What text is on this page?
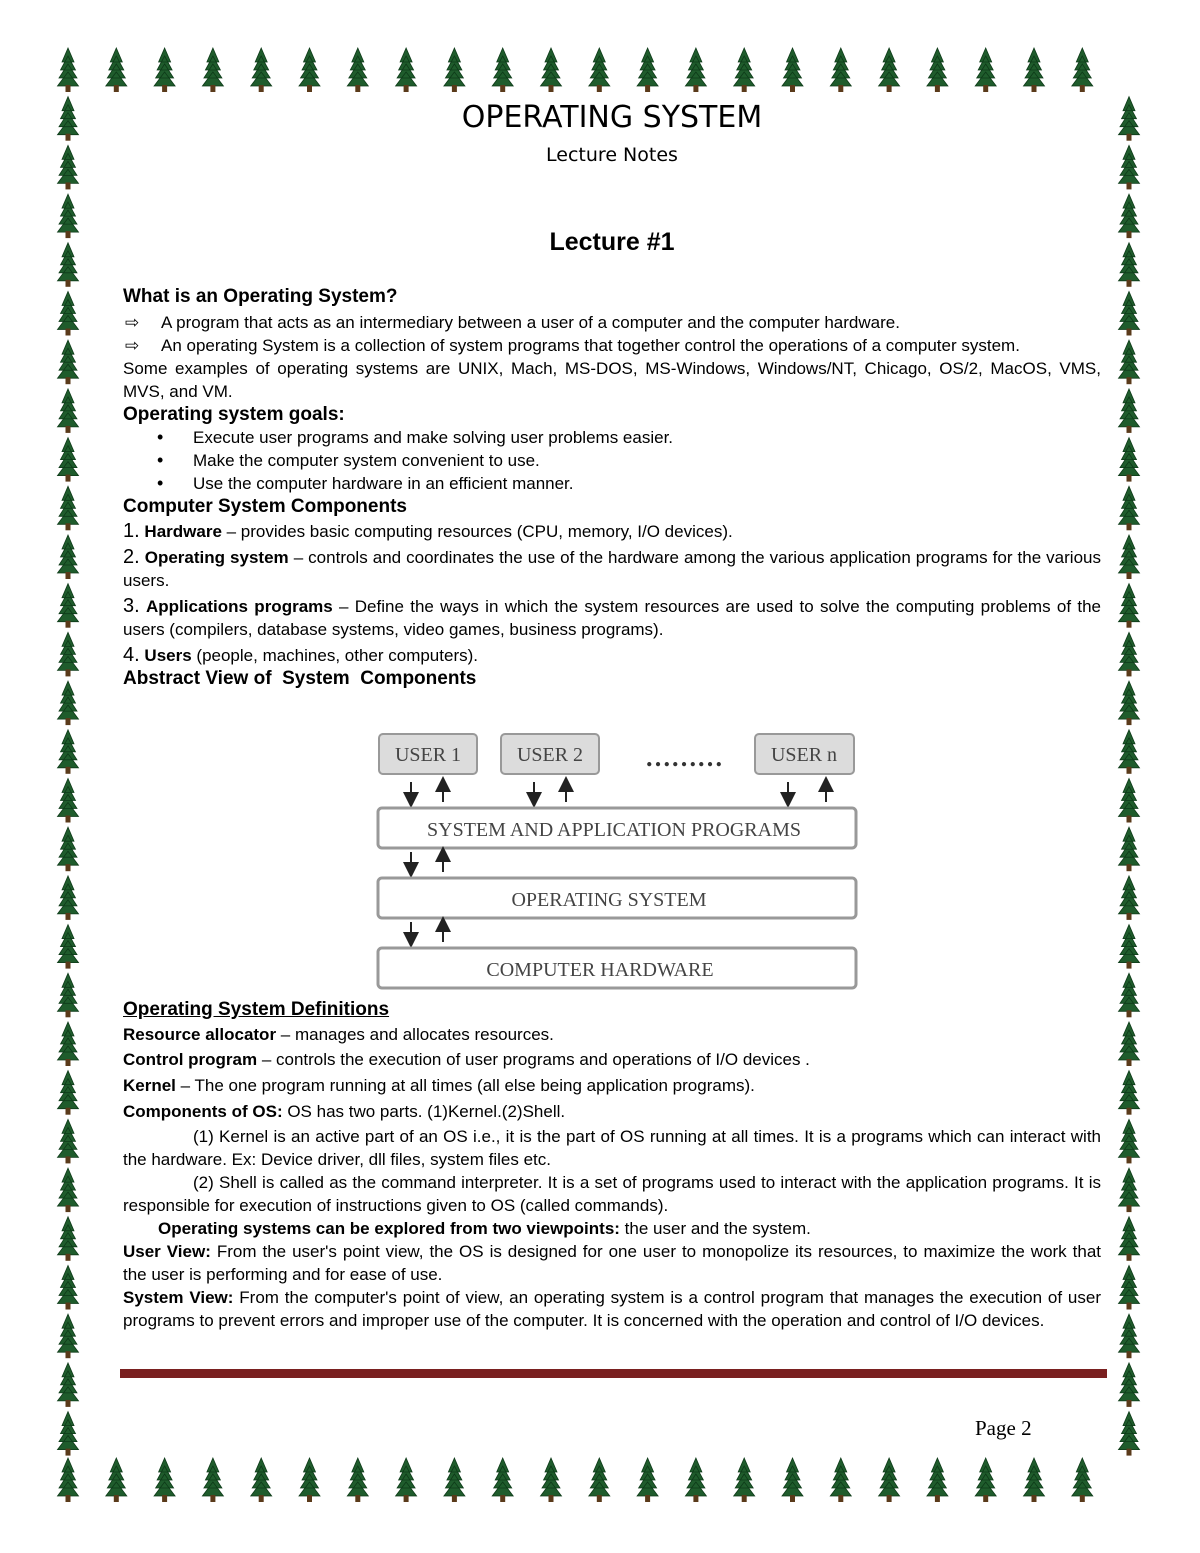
OPERATING SYSTEM
Lecture Notes
Lecture #1

What is an Operating System?

⇨	A program that acts as an intermediary between a user of a computer and the computer hardware.
⇨	An operating System is a collection of system programs that together control the operations of a computer system.

Some examples of operating systems are UNIX, Mach, MS-DOS, MS-Windows, Windows/NT, Chicago, OS/2, MacOS, VMS, MVS, and VM.

Operating system goals:

• Execute user programs and make solving user problems easier.
• Make the computer system convenient to use.
• Use the computer hardware in an efficient manner.

Computer System Components

1. Hardware – provides basic computing resources (CPU, memory, I/O devices).

2. Operating system – controls and coordinates the use of the hardware among the various application programs for the various users.

3. Applications programs – Define the ways in which the system resources are used to solve the computing problems of the users (compilers, database systems, video games, business programs).

4. Users (people, machines, other computers).

Abstract View of  System  Components

USER 1	USER 2 ……… USER n
SYSTEM AND APPLICATION PROGRAMS
OPERATING SYSTEM
COMPUTER HARDWARE

Operating System Definitions

Resource allocator – manages and allocates resources.

Control program – controls the execution of user programs and operations of I/O devices .

Kernel – The one program running at all times (all else being application programs).

Components of OS: OS has two parts. (1)Kernel.(2)Shell.

(1) Kernel is an active part of an OS i.e., it is the part of OS running at all times. It is a programs which can interact with the hardware. Ex: Device driver, dll files, system files etc.

(2) Shell is called as the command interpreter. It is a set of programs used to interact with the application programs. It is responsible for execution of instructions given to OS (called commands).

Operating systems can be explored from two viewpoints: the user and the system.

User View: From the user's point view, the OS is designed for one user to monopolize its resources, to maximize the work that the user is performing and for ease of use.

System View: From the computer's point of view, an operating system is a control program that manages the execution of user programs to prevent errors and improper use of the computer. It is concerned with the operation and control of I/O devices.

Page 2
